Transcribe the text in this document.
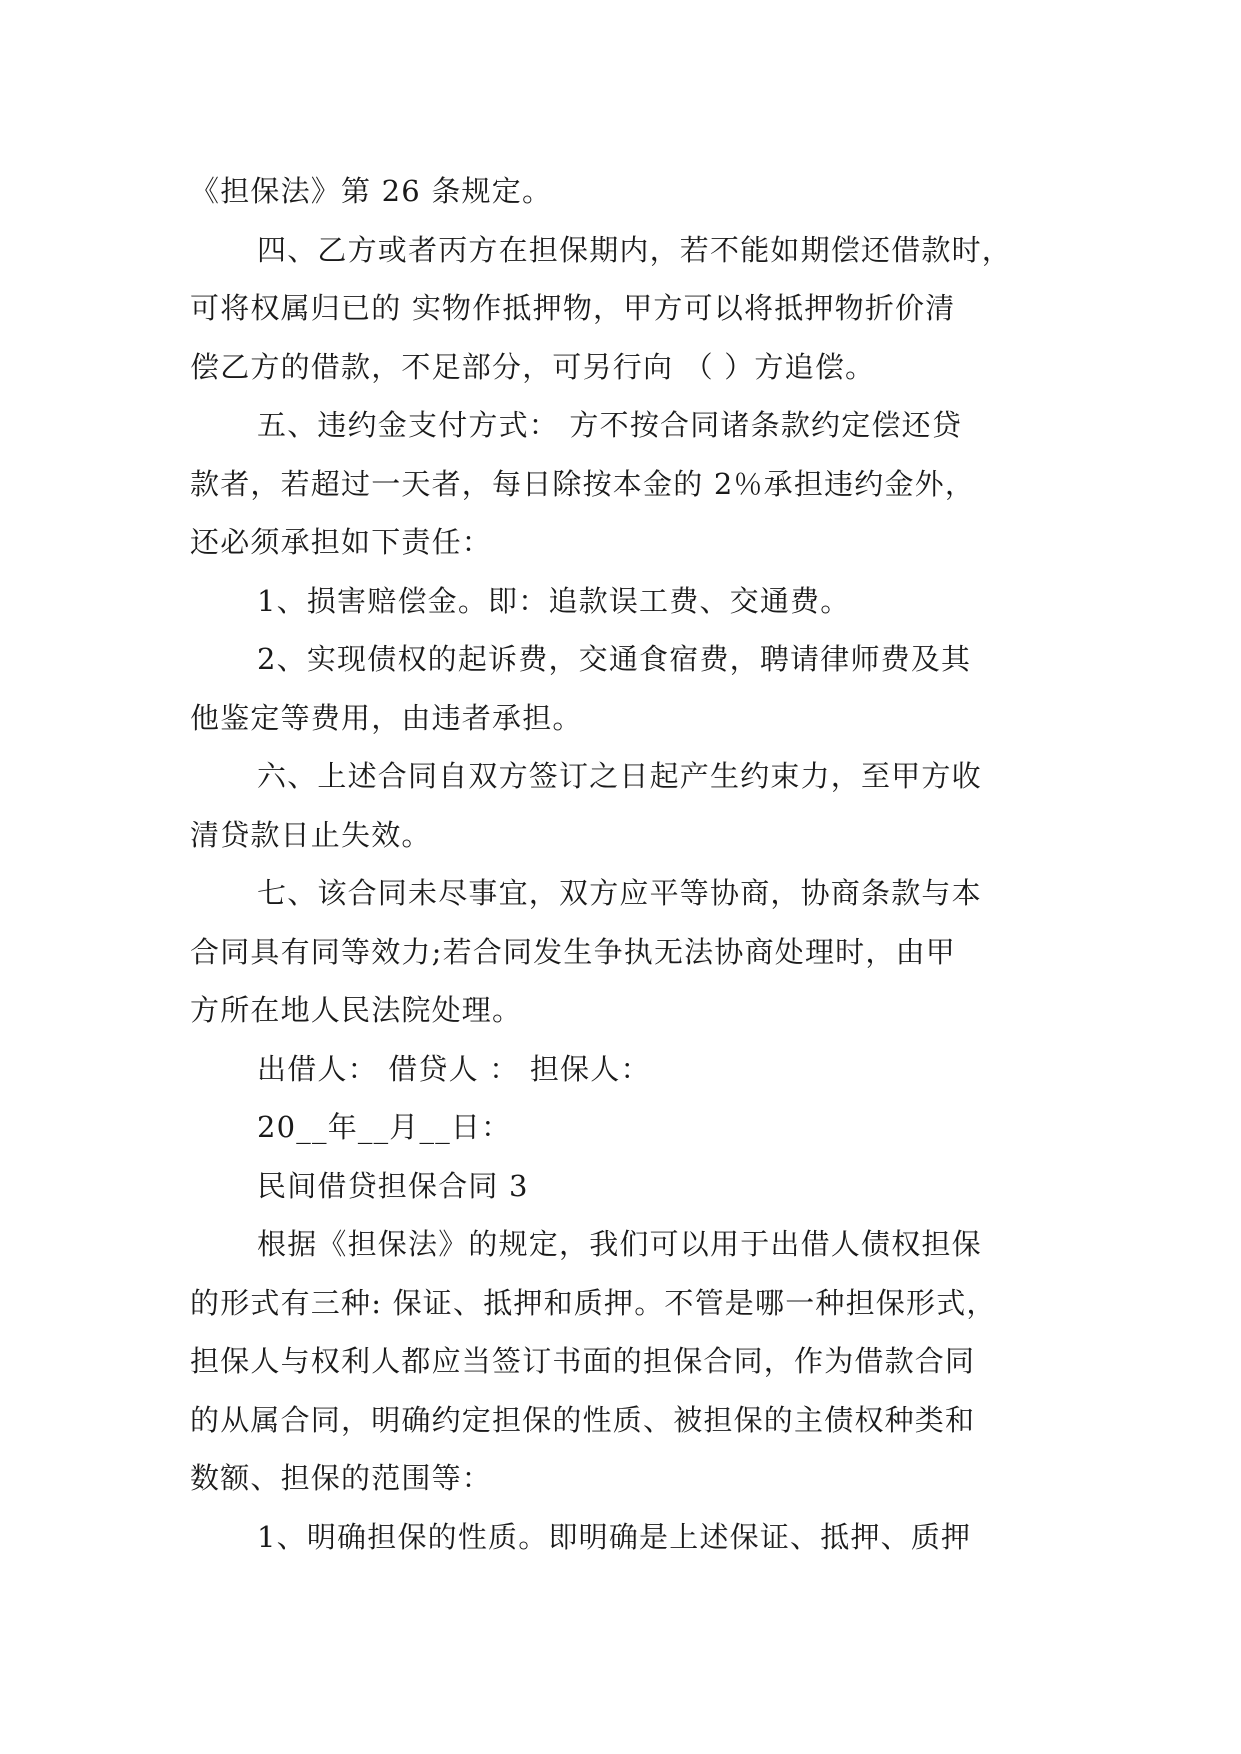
《担保法》第 26 条规定。
四、乙方或者丙方在担保期内，若不能如期偿还借款时，
可将权属归已的 实物作抵押物，甲方可以将抵押物折价清
偿乙方的借款，不足部分，可另行向 （ ）方追偿。
五、违约金支付方式： 方不按合同诸条款约定偿还贷
款者，若超过一天者，每日除按本金的 2％承担违约金外，
还必须承担如下责任：
1、损害赔偿金。即：追款误工费、交通费。
2、实现债权的起诉费，交通食宿费，聘请律师费及其
他鉴定等费用，由违者承担。
六、上述合同自双方签订之日起产生约束力，至甲方收
清贷款日止失效。
七、该合同未尽事宜，双方应平等协商，协商条款与本
合同具有同等效力;若合同发生争执无法协商处理时，由甲
方所在地人民法院处理。
出借人： 借贷人 ： 担保人：
20__年__月__日：
民间借贷担保合同 3
根据《担保法》的规定，我们可以用于出借人债权担保
的形式有三种: 保证、抵押和质押。不管是哪一种担保形式，
担保人与权利人都应当签订书面的担保合同，作为借款合同
的从属合同，明确约定担保的性质、被担保的主债权种类和
数额、担保的范围等：
1、明确担保的性质。即明确是上述保证、抵押、质押
